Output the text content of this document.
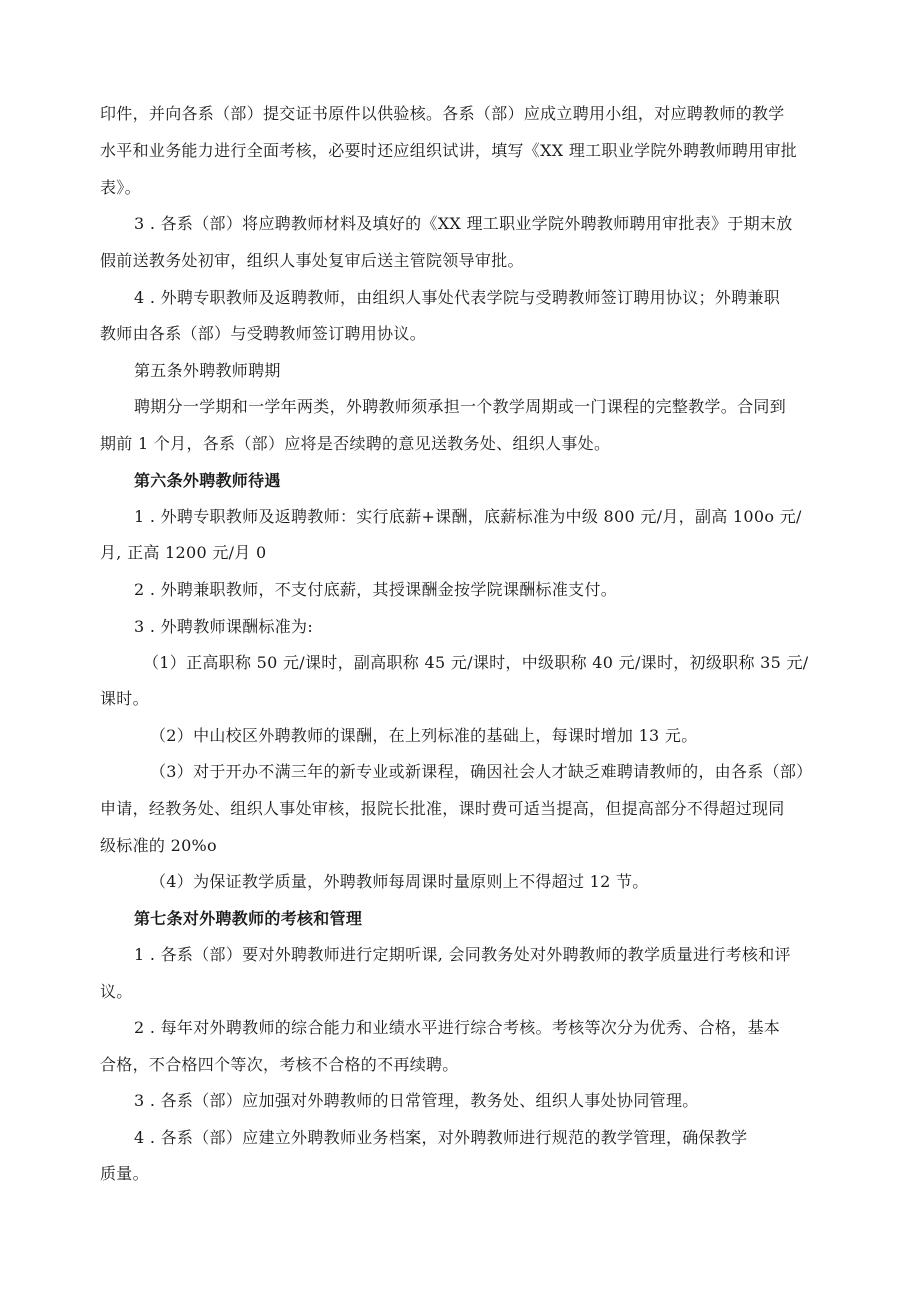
印件，并向各系（部）提交证书原件以供验核。各系（部）应成立聘用小组，对应聘教师的教学
水平和业务能力进行全面考核，必要时还应组织试讲，填写《XX 理工职业学院外聘教师聘用审批
表》。
3 . 各系（部）将应聘教师材料及填好的《XX 理工职业学院外聘教师聘用审批表》于期末放
假前送教务处初审，组织人事处复审后送主管院领导审批。
4 . 外聘专职教师及返聘教师，由组织人事处代表学院与受聘教师签订聘用协议；外聘兼职
教师由各系（部）与受聘教师签订聘用协议。
第五条外聘教师聘期
聘期分一学期和一学年两类，外聘教师须承担一个教学周期或一门课程的完整教学。合同到
期前 1 个月，各系（部）应将是否续聘的意见送教务处、组织人事处。
第六条外聘教师待遇
1 . 外聘专职教师及返聘教师：实行底薪+课酬，底薪标准为中级 800 元/月，副高 100o 元/
月, 正高 1200 元/月 0
2 . 外聘兼职教师，不支付底薪，其授课酬金按学院课酬标准支付。
3 . 外聘教师课酬标准为:
（1）正高职称 50 元/课时，副高职称 45 元/课时，中级职称 40 元/课时，初级职称 35 元/
课时。
（2）中山校区外聘教师的课酬，在上列标准的基础上，每课时增加 13 元。
（3）对于开办不满三年的新专业或新课程，确因社会人才缺乏难聘请教师的，由各系（部）
申请，经教务处、组织人事处审核，报院长批准，课时费可适当提高，但提高部分不得超过现同
级标准的 20%o
（4）为保证教学质量，外聘教师每周课时量原则上不得超过 12 节。
第七条对外聘教师的考核和管理
1 . 各系（部）要对外聘教师进行定期听课, 会同教务处对外聘教师的教学质量进行考核和评
议。
2 . 每年对外聘教师的综合能力和业绩水平进行综合考核。考核等次分为优秀、合格，基本
合格，不合格四个等次，考核不合格的不再续聘。
3 . 各系（部）应加强对外聘教师的日常管理，教务处、组织人事处协同管理。
4 . 各系（部）应建立外聘教师业务档案，对外聘教师进行规范的教学管理，确保教学
质量。
